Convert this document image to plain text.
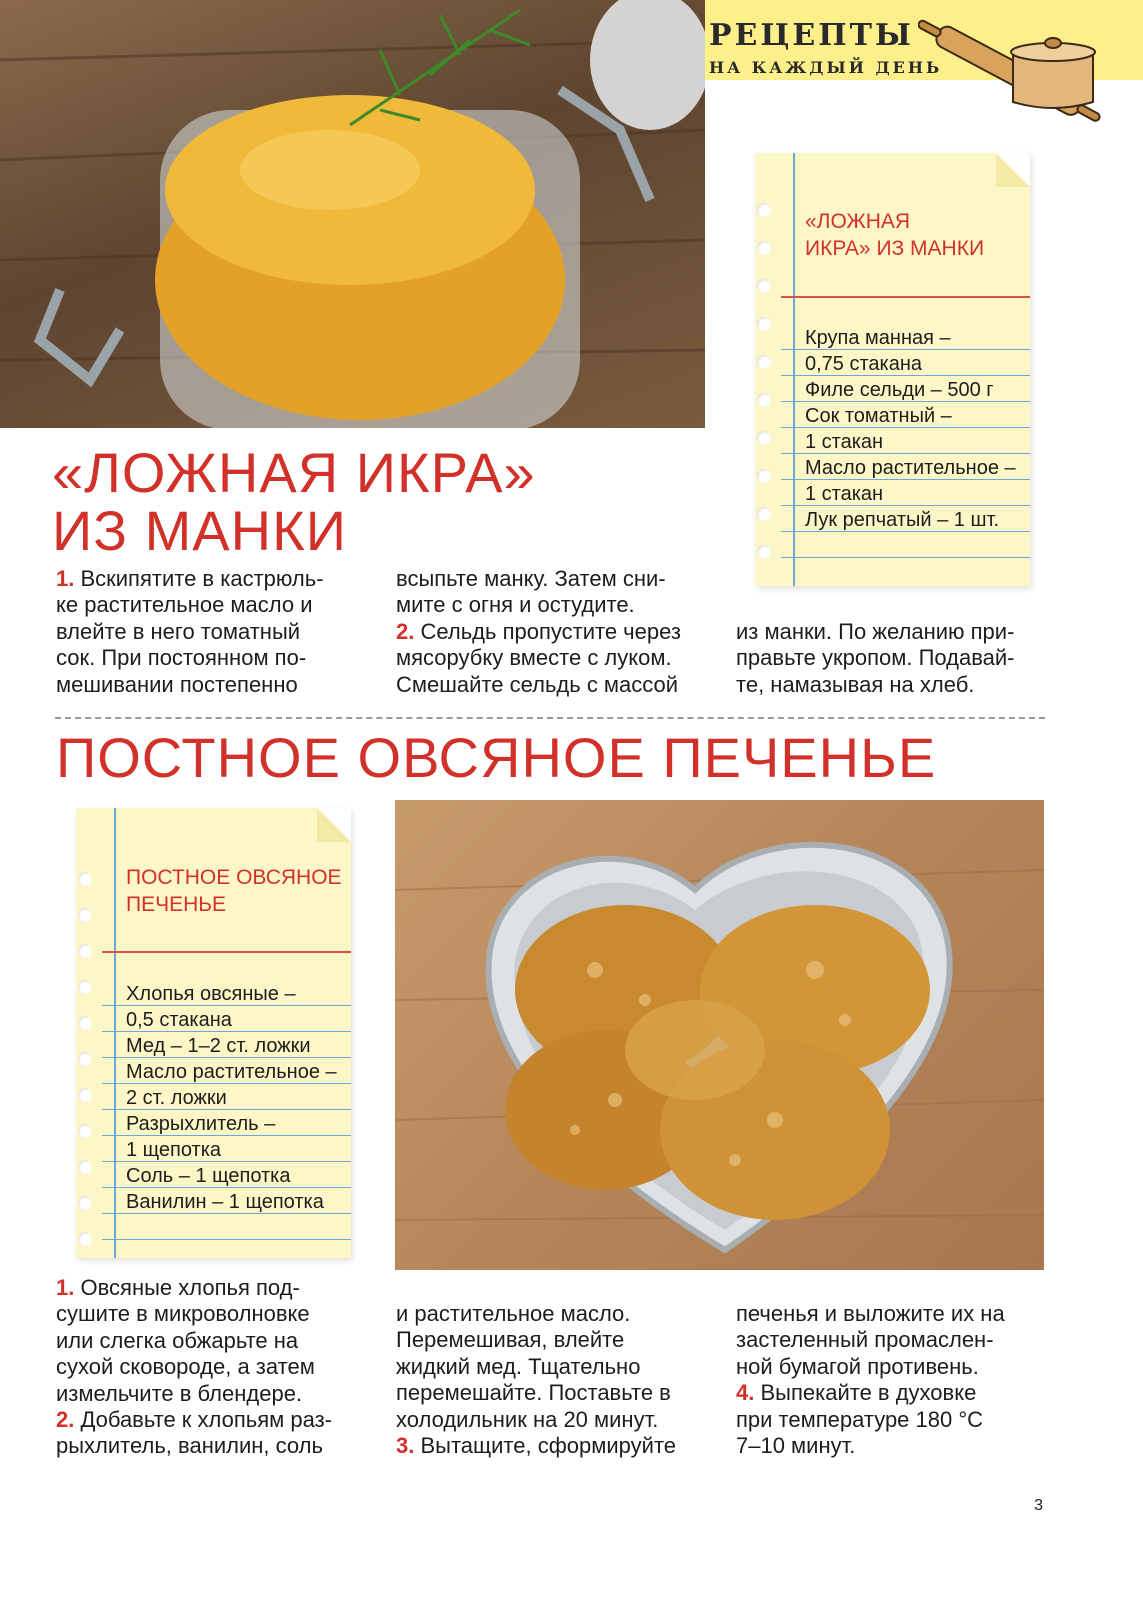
РЕЦЕПТЫ
НА КАЖДЫЙ ДЕНЬ
«ЛОЖНАЯ
ИКРА» ИЗ МАНКИ
Крупа манная –
0,75 стакана
Филе сельди – 500 г
Сок томатный –
1 стакан
Масло растительное –
1 стакан
Лук репчатый – 1 шт.
«ЛОЖНАЯ ИКРА»
ИЗ МАНКИ
1. Вскипятите в кастрюль-
ке растительное масло и
влейте в него томатный
сок. При постоянном по-
мешивании постепенно
всыпьте манку. Затем сни-
мите с огня и остудите.
2. Сельдь пропустите через
мясорубку вместе с луком.
Смешайте сельдь с массой
из манки. По желанию при-
правьте укропом. Подавай-
те, намазывая на хлеб.
ПОСТНОЕ ОВСЯНОЕ ПЕЧЕНЬЕ
ПОСТНОЕ ОВСЯНОЕ
ПЕЧЕНЬЕ
Хлопья овсяные –
0,5 стакана
Мед – 1–2 ст. ложки
Масло растительное –
2 ст. ложки
Разрыхлитель –
1 щепотка
Соль – 1 щепотка
Ванилин – 1 щепотка
1. Овсяные хлопья под-
сушите в микроволновке
или слегка обжарьте на
сухой сковороде, а затем
измельчите в блендере.
2. Добавьте к хлопьям раз-
рыхлитель, ванилин, соль
и растительное масло.
Перемешивая, влейте
жидкий мед. Тщательно
перемешайте. Поставьте в
холодильник на 20 минут.
3. Вытащите, сформируйте
печенья и выложите их на
застеленный промаслен-
ной бумагой противень.
4. Выпекайте в духовке
при температуре 180 °C
7–10 минут.
3
